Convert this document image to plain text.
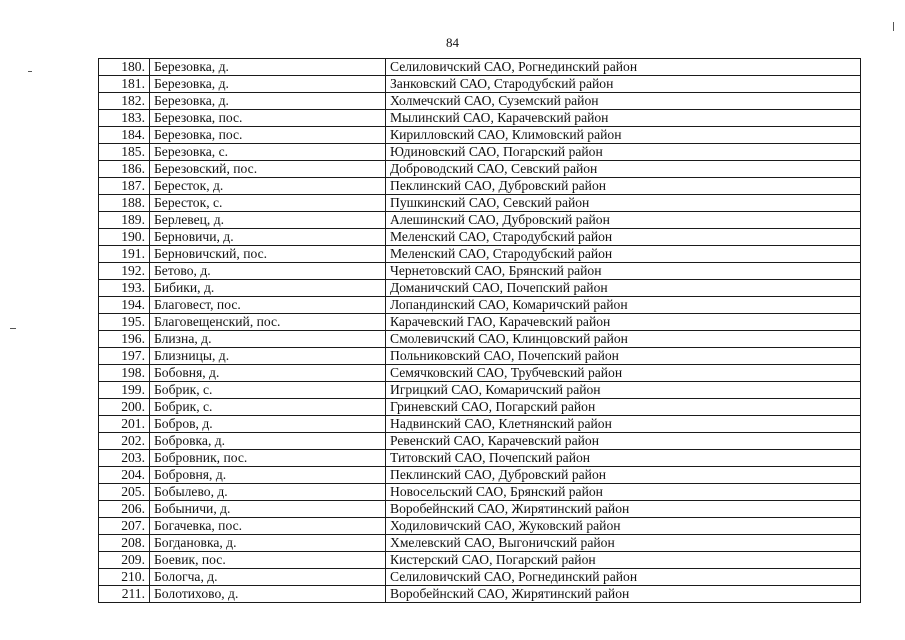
84
180.	Березовка, д.	Селиловичский САО, Рогнединский район
181.	Березовка, д.	Занковский САО, Стародубский район
182.	Березовка, д.	Холмечский САО, Суземский район
183.	Березовка, пос.	Мылинский САО, Карачевский район
184.	Березовка, пос.	Кирилловский САО, Климовский район
185.	Березовка, с.	Юдиновский САО, Погарский район
186.	Березовский, пос.	Доброводский САО, Севский район
187.	Бересток, д.	Пеклинский САО, Дубровский район
188.	Бересток, с.	Пушкинский САО, Севский район
189.	Берлевец, д.	Алешинский САО, Дубровский район
190.	Берновичи, д.	Меленский САО, Стародубский район
191.	Берновичский, пос.	Меленский САО, Стародубский район
192.	Бетово, д.	Чернетовский САО, Брянский район
193.	Бибики, д.	Доманичский САО, Почепский район
194.	Благовест, пос.	Лопандинский САО, Комаричский район
195.	Благовещенский, пос.	Карачевский ГАО, Карачевский район
196.	Близна, д.	Смолевичский САО, Клинцовский район
197.	Близницы, д.	Польниковский САО, Почепский район
198.	Бобовня, д.	Семячковский САО, Трубчевский район
199.	Бобрик, с.	Игрицкий САО, Комаричский район
200.	Бобрик, с.	Гриневский САО, Погарский район
201.	Бобров, д.	Надвинский САО, Клетнянский район
202.	Бобровка, д.	Ревенский САО, Карачевский район
203.	Бобровник, пос.	Титовский САО, Почепский район
204.	Бобровня, д.	Пеклинский САО, Дубровский район
205.	Бобылево, д.	Новосельский САО, Брянский район
206.	Бобыничи, д.	Воробейнский САО, Жирятинский район
207.	Богачевка, пос.	Ходиловичский САО, Жуковский район
208.	Богдановка, д.	Хмелевский САО, Выгоничский район
209.	Боевик, пос.	Кистерский САО, Погарский район
210.	Бологча, д.	Селиловичский САО, Рогнединский район
211.	Болотихово, д.	Воробейнский САО, Жирятинский район
